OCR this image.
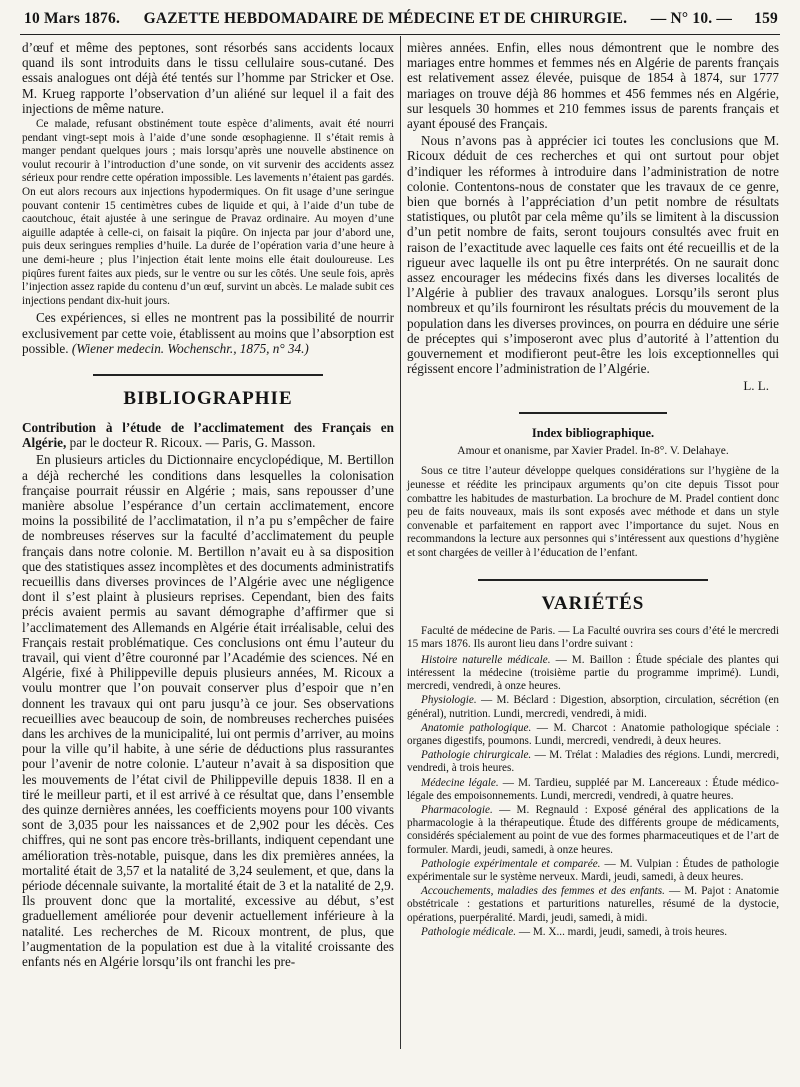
10 Mars 1876. GAZETTE HEBDOMADAIRE DE MÉDECINE ET DE CHIRURGIE. — N° 10. — 159

d’œuf et même des peptones, sont résorbés sans accidents locaux quand ils sont introduits dans le tissu cellulaire sous-cutané. Des essais analogues ont déjà été tentés sur l’homme par Stricker et Ose. M. Krueg rapporte l’observation d’un aliéné sur lequel il a fait des injections de même nature.

Ce malade, refusant obstinément toute espèce d’aliments, avait été nourri pendant vingt-sept mois à l’aide d’une sonde œsophagienne. Il s’était remis à manger pendant quelques jours ; mais lorsqu’après une nouvelle abstinence on voulut recourir à l’introduction d’une sonde, on vit survenir des accidents assez sérieux pour rendre cette opération impossible. Les lavements n’étaient pas gardés. On eut alors recours aux injections hypodermiques. On fit usage d’une seringue pouvant contenir 15 centimètres cubes de liquide et qui, à l’aide d’un tube de caoutchouc, était ajustée à une seringue de Pravaz ordinaire. Au moyen d’une aiguille adaptée à celle-ci, on faisait la piqûre. On injecta par jour d’abord une, puis deux seringues remplies d’huile. La durée de l’opération varia d’une heure à une demi-heure ; plus l’injection était lente moins elle était douloureuse. Les piqûres furent faites aux pieds, sur le ventre ou sur les côtés. Une seule fois, après l’injection assez rapide du contenu d’un œuf, survint un abcès. Le malade subit ces injections pendant dix-huit jours.

Ces expériences, si elles ne montrent pas la possibilité de nourrir exclusivement par cette voie, établissent au moins que l’absorption est possible. (Wiener medecin. Wochenschr., 1875, n° 34.)

BIBLIOGRAPHIE

Contribution à l’étude de l’acclimatement des Français en Algérie, par le docteur R. Ricoux. — Paris, G. Masson.

En plusieurs articles du Dictionnaire encyclopédique, M. Bertillon a déjà recherché les conditions dans lesquelles la colonisation française pourrait réussir en Algérie ; mais, sans repousser d’une manière absolue l’espérance d’un certain acclimatement, encore moins la possibilité de l’acclimatation, il n’a pu s’empêcher de faire de nombreuses réserves sur la faculté d’acclimatement du peuple français dans notre colonie. M. Bertillon n’avait eu à sa disposition que des statistiques assez incomplètes et des documents administratifs recueillis dans diverses provinces de l’Algérie avec une négligence dont il s’est plaint à plusieurs reprises. Cependant, bien des faits précis avaient permis au savant démographe d’affirmer que si l’acclimatement des Allemands en Algérie était irréalisable, celui des Français restait problématique. Ces conclusions ont ému l’auteur du travail, qui vient d’être couronné par l’Académie des sciences. Né en Algérie, fixé à Philippeville depuis plusieurs années, M. Ricoux a voulu montrer que l’on pouvait conserver plus d’espoir que n’en donnent les travaux qui ont paru jusqu’à ce jour. Ses observations recueillies avec beaucoup de soin, de nombreuses recherches puisées dans les archives de la municipalité, lui ont permis d’arriver, au moins pour la ville qu’il habite, à une série de déductions plus rassurantes pour l’avenir de notre colonie. L’auteur n’avait à sa disposition que les mouvements de l’état civil de Philippeville depuis 1838. Il en a tiré le meilleur parti, et il est arrivé à ce résultat que, dans l’ensemble des quinze dernières années, les coefficients moyens pour 100 vivants sont de 3,035 pour les naissances et de 2,902 pour les décès. Ces chiffres, qui ne sont pas encore très-brillants, indiquent cependant une amélioration très-notable, puisque, dans les dix premières années, la mortalité était de 3,57 et la natalité de 3,24 seulement, et que, dans la période décennale suivante, la mortalité était de 3 et la natalité de 2,9. Ils prouvent donc que la mortalité, excessive au début, s’est graduellement améliorée pour devenir actuellement inférieure à la natalité. Les recherches de M. Ricoux montrent, de plus, que l’augmentation de la population est due à la vitalité croissante des enfants nés en Algérie lorsqu’ils ont franchi les pre-

mières années. Enfin, elles nous démontrent que le nombre des mariages entre hommes et femmes nés en Algérie de parents français est relativement assez élevée, puisque de 1854 à 1874, sur 1777 mariages on trouve déjà 86 hommes et 456 femmes nés en Algérie, sur lesquels 30 hommes et 210 femmes issus de parents français et ayant épousé des Français.

Nous n’avons pas à apprécier ici toutes les conclusions que M. Ricoux déduit de ces recherches et qui ont surtout pour objet d’indiquer les réformes à introduire dans l’administration de notre colonie. Contentons-nous de constater que les travaux de ce genre, bien que bornés à l’appréciation d’un petit nombre de résultats statistiques, ou plutôt par cela même qu’ils se limitent à la discussion d’un petit nombre de faits, seront toujours consultés avec fruit en raison de l’exactitude avec laquelle ces faits ont été recueillis et de la rigueur avec laquelle ils ont pu être interprétés. On ne saurait donc assez encourager les médecins fixés dans les diverses localités de l’Algérie à publier des travaux analogues. Lorsqu’ils seront plus nombreux et qu’ils fourniront les résultats précis du mouvement de la population dans les diverses provinces, on pourra en déduire une série de préceptes qui s’imposeront avec plus d’autorité à l’attention du gouvernement et modifieront peut-être les lois exceptionnelles qui régissent encore l’administration de l’Algérie.

L. L.
Index bibliographique.
Amour et onanisme, par Xavier Pradel. In-8°. V. Delahaye.

Sous ce titre l’auteur développe quelques considérations sur l’hygiène de la jeunesse et réédite les principaux arguments qu’on cite depuis Tissot pour combattre les habitudes de masturbation. La brochure de M. Pradel contient donc peu de faits nouveaux, mais ils sont exposés avec méthode et dans un style convenable et parfaitement en rapport avec l’importance du sujet. Nous en recommandons la lecture aux personnes qui s’intéressent aux questions d’hygiène et sont chargées de veiller à l’éducation de l’enfant.

VARIÉTÉS

Faculté de médecine de Paris. — La Faculté ouvrira ses cours d’été le mercredi 15 mars 1876. Ils auront lieu dans l’ordre suivant :

Histoire naturelle médicale. — M. Baillon : Étude spéciale des plantes qui intéressent la médecine (troisième partie du programme imprimé). Lundi, mercredi, vendredi, à onze heures.

Physiologie. — M. Béclard : Digestion, absorption, circulation, sécrétion (en général), nutrition. Lundi, mercredi, vendredi, à midi.

Anatomie pathologique. — M. Charcot : Anatomie pathologique spéciale : organes digestifs, poumons. Lundi, mercredi, vendredi, à deux heures.

Pathologie chirurgicale. — M. Trélat : Maladies des régions. Lundi, mercredi, vendredi, à trois heures.

Médecine légale. — M. Tardieu, suppléé par M. Lancereaux : Étude médico-légale des empoisonnements. Lundi, mercredi, vendredi, à quatre heures.

Pharmacologie. — M. Regnauld : Exposé général des applications de la pharmacologie à la thérapeutique. Étude des différents groupe de médicaments, considérés spécialement au point de vue des formes pharmaceutiques et de l’art de formuler. Mardi, jeudi, samedi, à onze heures.

Pathologie expérimentale et comparée. — M. Vulpian : Études de pathologie expérimentale sur le système nerveux. Mardi, jeudi, samedi, à deux heures.

Accouchements, maladies des femmes et des enfants. — M. Pajot : Anatomie obstétricale : gestations et parturitions naturelles, résumé de la dystocie, opérations, puerpéralité. Mardi, jeudi, samedi, à midi.

Pathologie médicale. — M. X... mardi, jeudi, samedi, à trois heures.
